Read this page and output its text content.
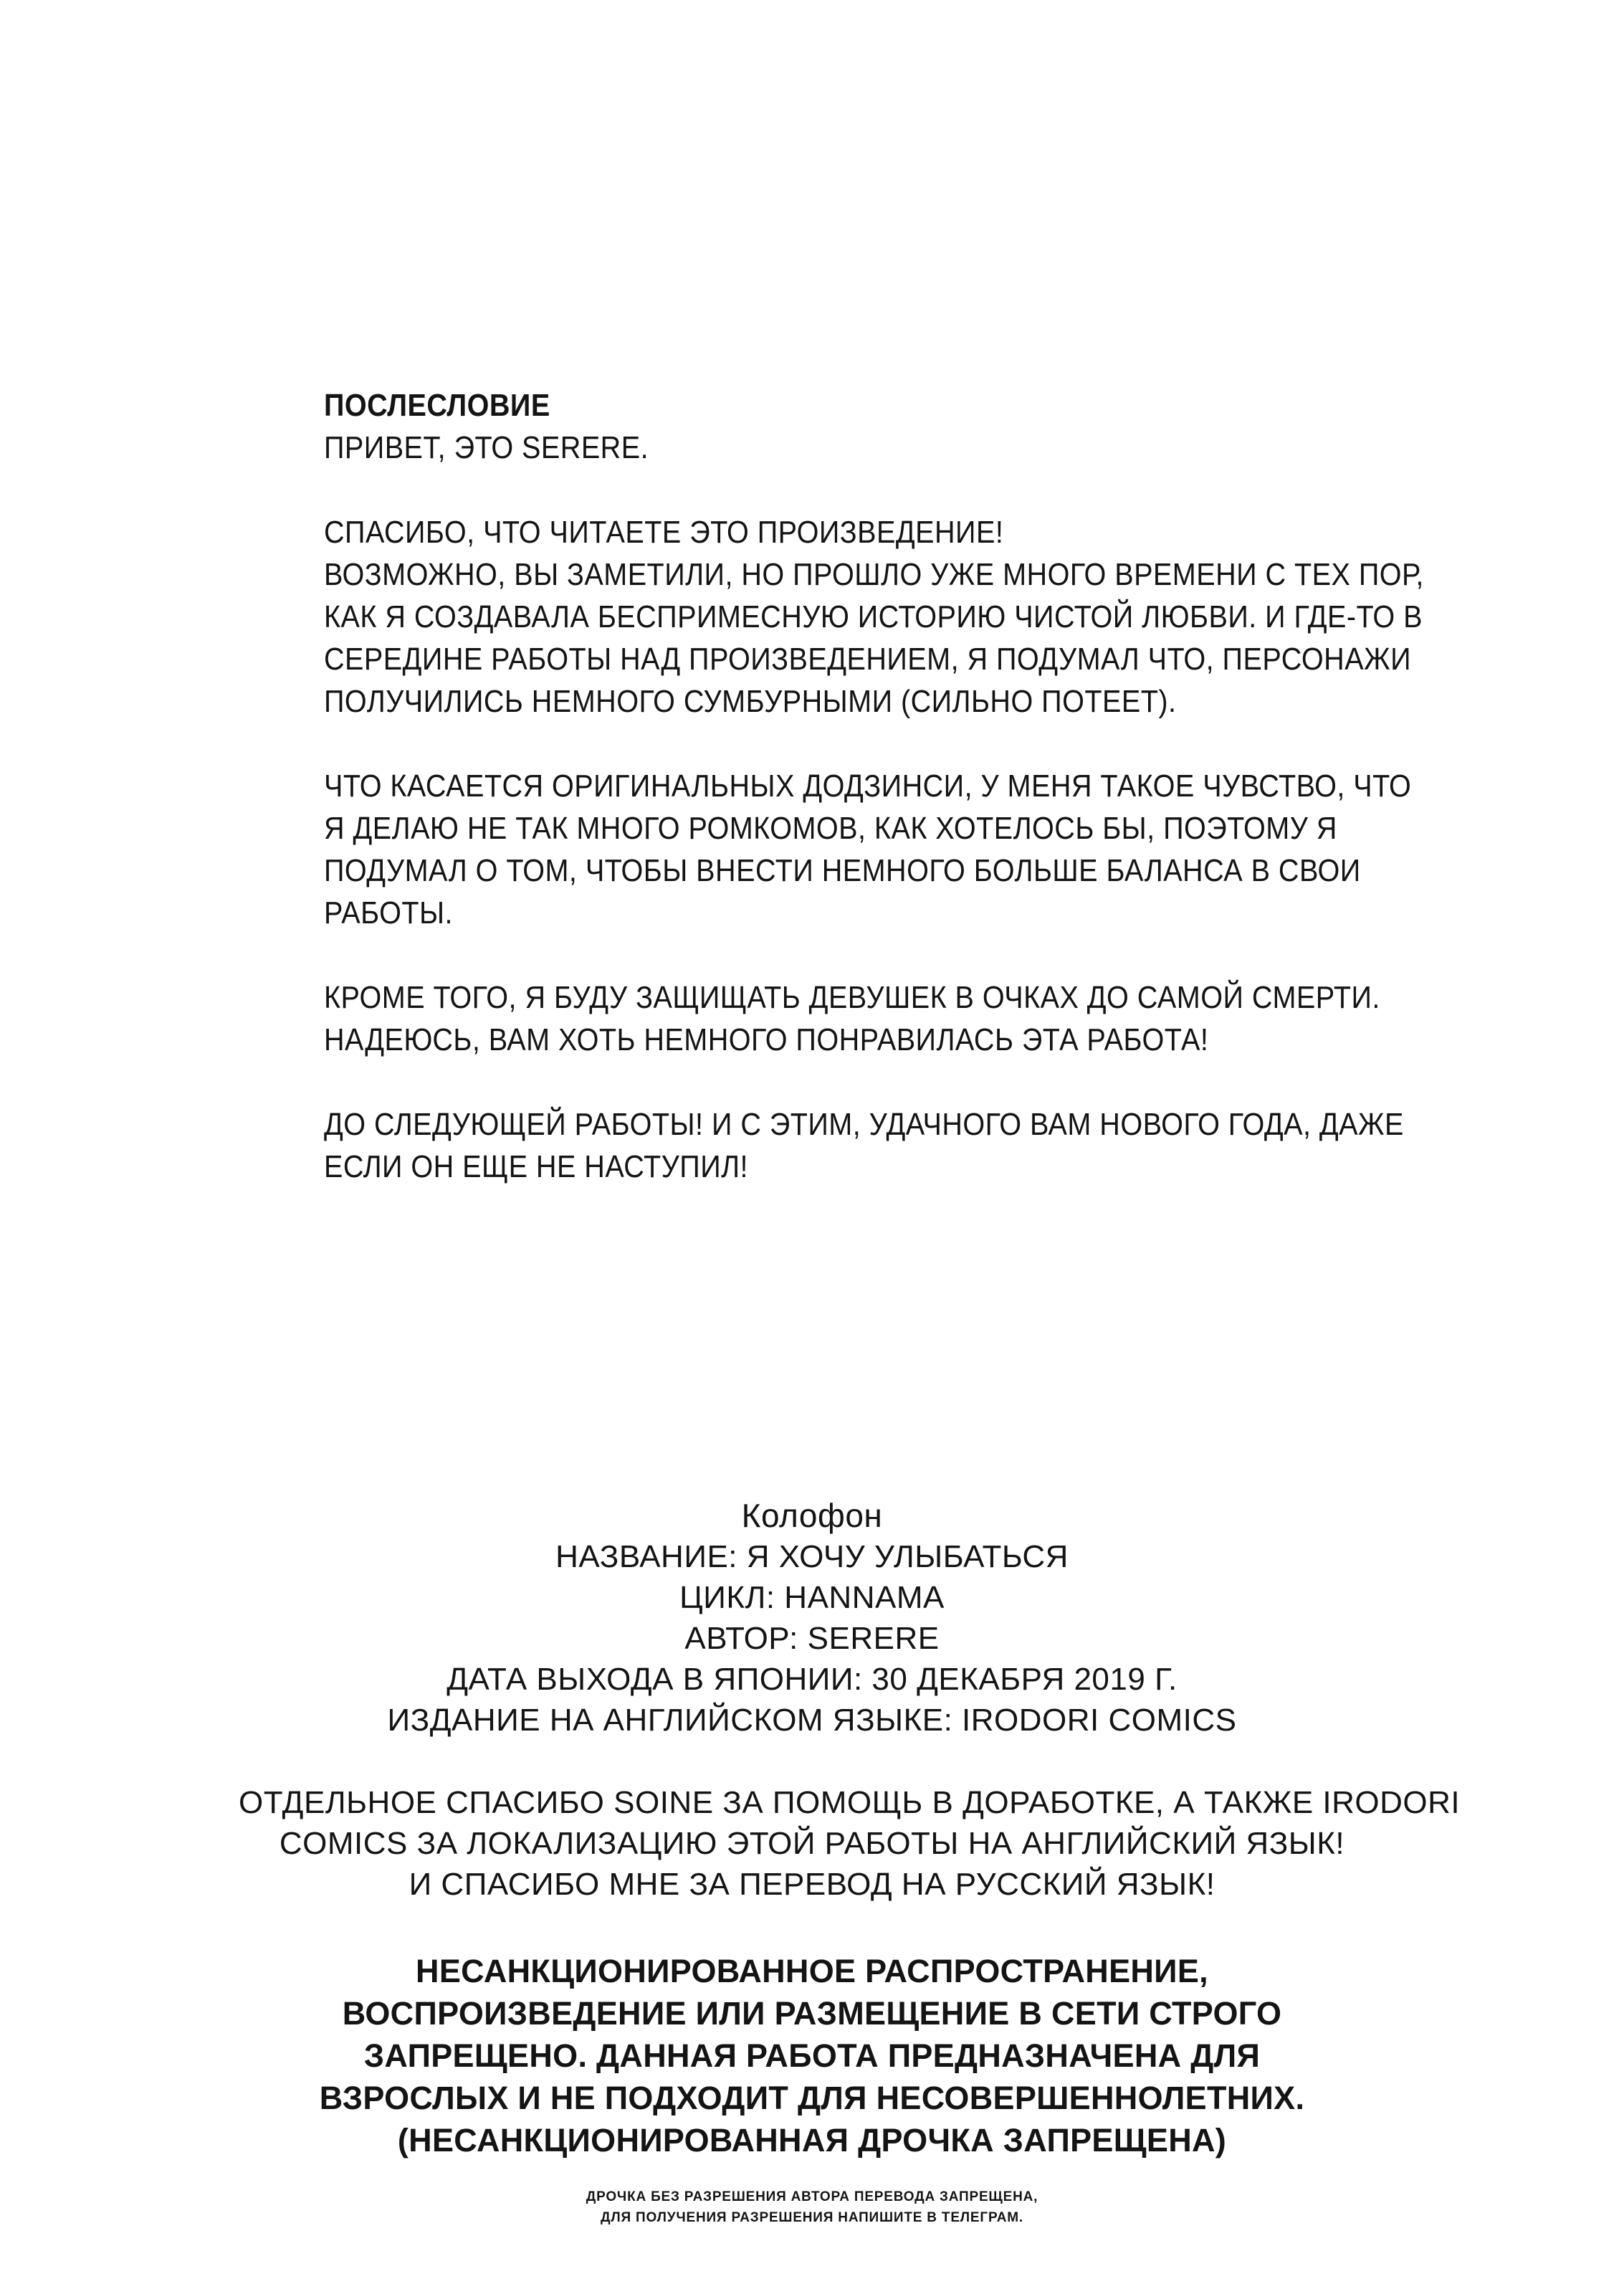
ПОСЛЕСЛОВИЕ

ПРИВЕТ, ЭТО SERERE.

СПАСИБО, ЧТО ЧИТАЕТЕ ЭТО ПРОИЗВЕДЕНИЕ!
ВОЗМОЖНО, ВЫ ЗАМЕТИЛИ, НО ПРОШЛО УЖЕ МНОГО ВРЕМЕНИ С ТЕХ ПОР,
КАК Я СОЗДАВАЛА БЕСПРИМЕСНУЮ ИСТОРИЮ ЧИСТОЙ ЛЮБВИ. И ГДЕ-ТО В
СЕРЕДИНЕ РАБОТЫ НАД ПРОИЗВЕДЕНИЕМ, Я ПОДУМАЛ ЧТО, ПЕРСОНАЖИ
ПОЛУЧИЛИСЬ НЕМНОГО СУМБУРНЫМИ (СИЛЬНО ПОТЕЕТ).
ЧТО КАСАЕТСЯ ОРИГИНАЛЬНЫХ ДОДЗИНСИ, У МЕНЯ ТАКОЕ ЧУВСТВО, ЧТО
Я ДЕЛАЮ НЕ ТАК МНОГО РОМКОМОВ, КАК ХОТЕЛОСЬ БЫ, ПОЭТОМУ Я
ПОДУМАЛ О ТОМ, ЧТОБЫ ВНЕСТИ НЕМНОГО БОЛЬШЕ БАЛАНСА В СВОИ
РАБОТЫ.
КРОМЕ ТОГО, Я БУДУ ЗАЩИЩАТЬ ДЕВУШЕК В ОЧКАХ ДО САМОЙ СМЕРТИ.
НАДЕЮСЬ, ВАМ ХОТЬ НЕМНОГО ПОНРАВИЛАСЬ ЭТА РАБОТА!
ДО СЛЕДУЮЩЕЙ РАБОТЫ! И С ЭТИМ, УДАЧНОГО ВАМ НОВОГО ГОДА, ДАЖЕ
ЕСЛИ ОН ЕЩЕ НЕ НАСТУПИЛ!
Колофон
НАЗВАНИЕ: Я ХОЧУ УЛЫБАТЬСЯ
ЦИКЛ: HANNAMA
АВТОР: SERERE
ДАТА ВЫХОДА В ЯПОНИИ: 30 ДЕКАБРЯ 2019 Г.
ИЗДАНИЕ НА АНГЛИЙСКОМ ЯЗЫКЕ: IRODORI COMICS
ОТДЕЛЬНОЕ СПАСИБО SOINE ЗА ПОМОЩЬ В ДОРАБОТКЕ, А ТАКЖЕ IRODORI
COMICS ЗА ЛОКАЛИЗАЦИЮ ЭТОЙ РАБОТЫ НА АНГЛИЙСКИЙ ЯЗЫК!
И СПАСИБО МНЕ ЗА ПЕРЕВОД НА РУССКИЙ ЯЗЫК!
НЕСАНКЦИОНИРОВАННОЕ РАСПРОСТРАНЕНИЕ,
ВОСПРОИЗВЕДЕНИЕ ИЛИ РАЗМЕЩЕНИЕ В СЕТИ СТРОГО
ЗАПРЕЩЕНО. ДАННАЯ РАБОТА ПРЕДНАЗНАЧЕНА ДЛЯ
ВЗРОСЛЫХ И НЕ ПОДХОДИТ ДЛЯ НЕСОВЕРШЕННОЛЕТНИХ.
(НЕСАНКЦИОНИРОВАННАЯ ДРОЧКА ЗАПРЕЩЕНА)
ДРОЧКА БЕЗ РАЗРЕШЕНИЯ АВТОРА ПЕРЕВОДА ЗАПРЕЩЕНА,
ДЛЯ ПОЛУЧЕНИЯ РАЗРЕШЕНИЯ НАПИШИТЕ В ТЕЛЕГРАМ.
